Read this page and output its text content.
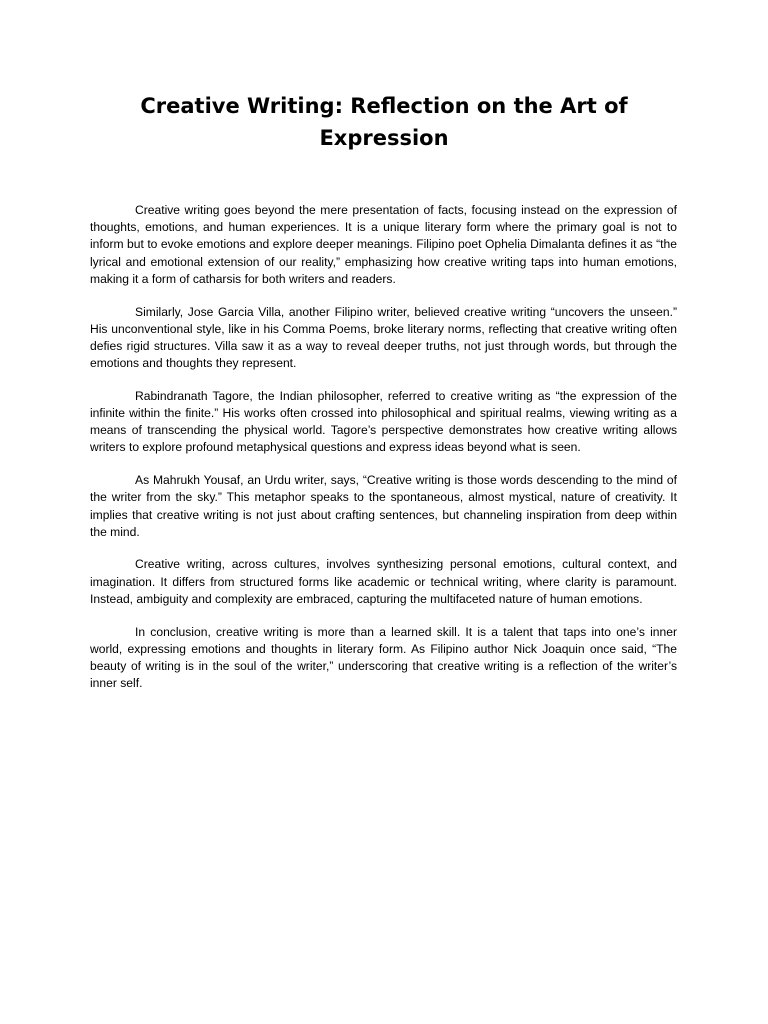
Creative Writing: Reflection on the Art of Expression

Creative writing goes beyond the mere presentation of facts, focusing instead on the expression of thoughts, emotions, and human experiences. It is a unique literary form where the primary goal is not to inform but to evoke emotions and explore deeper meanings. Filipino poet Ophelia Dimalanta defines it as “the lyrical and emotional extension of our reality,” emphasizing how creative writing taps into human emotions, making it a form of catharsis for both writers and readers.

Similarly, Jose Garcia Villa, another Filipino writer, believed creative writing “uncovers the unseen.” His unconventional style, like in his Comma Poems, broke literary norms, reflecting that creative writing often defies rigid structures. Villa saw it as a way to reveal deeper truths, not just through words, but through the emotions and thoughts they represent.

Rabindranath Tagore, the Indian philosopher, referred to creative writing as “the expression of the infinite within the finite.” His works often crossed into philosophical and spiritual realms, viewing writing as a means of transcending the physical world. Tagore’s perspective demonstrates how creative writing allows writers to explore profound metaphysical questions and express ideas beyond what is seen.

As Mahrukh Yousaf, an Urdu writer, says, “Creative writing is those words descending to the mind of the writer from the sky.” This metaphor speaks to the spontaneous, almost mystical, nature of creativity. It implies that creative writing is not just about crafting sentences, but channeling inspiration from deep within the mind.

Creative writing, across cultures, involves synthesizing personal emotions, cultural context, and imagination. It differs from structured forms like academic or technical writing, where clarity is paramount. Instead, ambiguity and complexity are embraced, capturing the multifaceted nature of human emotions.

In conclusion, creative writing is more than a learned skill. It is a talent that taps into one’s inner world, expressing emotions and thoughts in literary form. As Filipino author Nick Joaquin once said, “The beauty of writing is in the soul of the writer,” underscoring that creative writing is a reflection of the writer’s inner self.
